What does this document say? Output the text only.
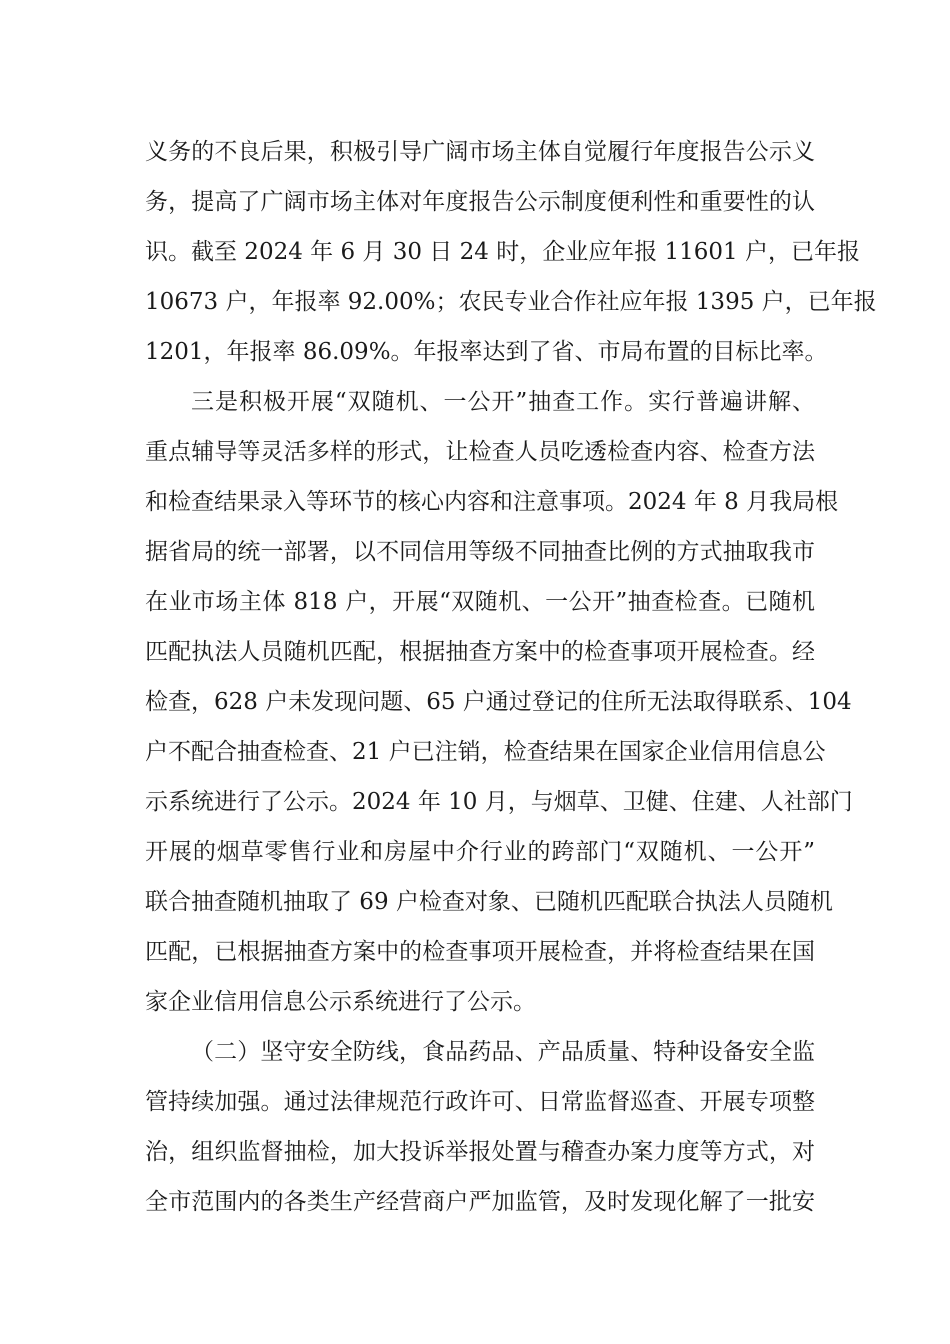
义务的不良后果，积极引导广阔市场主体自觉履行年度报告公示义
务，提高了广阔市场主体对年度报告公示制度便利性和重要性的认
识。截至 2024 年 6 月 30 日 24 时，企业应年报 11601 户，已年报
10673 户，年报率 92.00%；农民专业合作社应年报 1395 户，已年报
1201，年报率 86.09%。年报率达到了省、市局布置的目标比率。
三是积极开展“双随机、一公开”抽查工作。实行普遍讲解、
重点辅导等灵活多样的形式，让检查人员吃透检查内容、检查方法
和检查结果录入等环节的核心内容和注意事项。2024 年 8 月我局根
据省局的统一部署，以不同信用等级不同抽查比例的方式抽取我市
在业市场主体 818 户，开展“双随机、一公开”抽查检查。已随机
匹配执法人员随机匹配，根据抽查方案中的检查事项开展检查。经
检查，628 户未发现问题、65 户通过登记的住所无法取得联系、104
户不配合抽查检查、21 户已注销，检查结果在国家企业信用信息公
示系统进行了公示。2024 年 10 月，与烟草、卫健、住建、人社部门
开展的烟草零售行业和房屋中介行业的跨部门“双随机、一公开”
联合抽查随机抽取了 69 户检查对象、已随机匹配联合执法人员随机
匹配，已根据抽查方案中的检查事项开展检查，并将检查结果在国
家企业信用信息公示系统进行了公示。
（二）坚守安全防线，食品药品、产品质量、特种设备安全监
管持续加强。通过法律规范行政许可、日常监督巡查、开展专项整
治，组织监督抽检，加大投诉举报处置与稽查办案力度等方式，对
全市范围内的各类生产经营商户严加监管，及时发现化解了一批安
